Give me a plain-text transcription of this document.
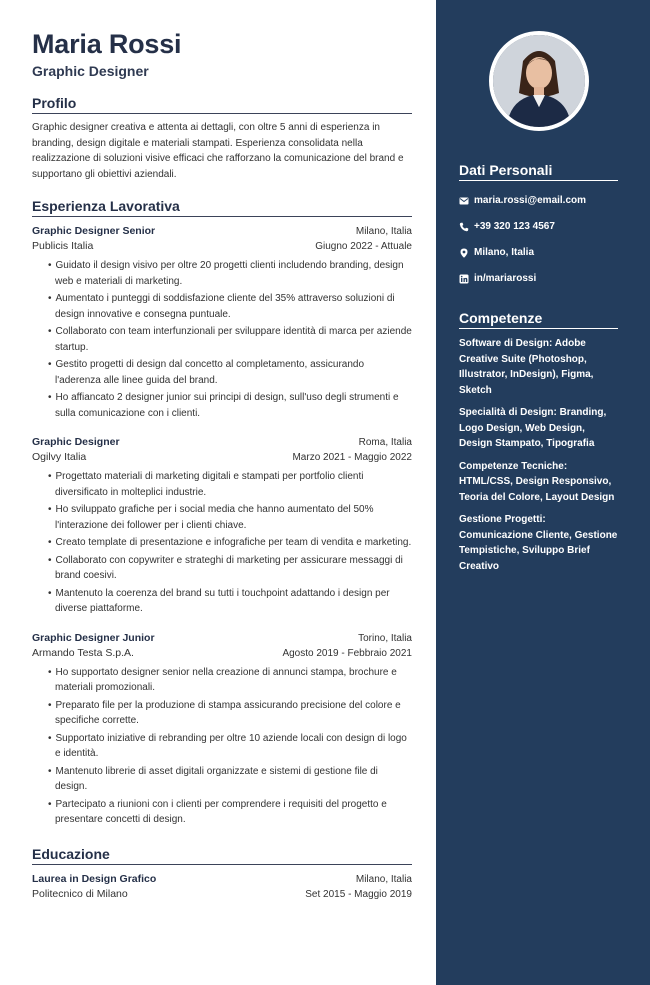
Maria Rossi
Graphic Designer
Profilo
Graphic designer creativa e attenta ai dettagli, con oltre 5 anni di esperienza in branding, design digitale e materiali stampati. Esperienza consolidata nella realizzazione di soluzioni visive efficaci che rafforzano la comunicazione del brand e supportano gli obiettivi aziendali.
Esperienza Lavorativa
Graphic Designer Senior	Milano, Italia
Publicis Italia	Giugno 2022 - Attuale
• Guidato il design visivo per oltre 20 progetti clienti includendo branding, design web e materiali di marketing.
• Aumentato i punteggi di soddisfazione cliente del 35% attraverso soluzioni di design innovative e consegna puntuale.
• Collaborato con team interfunzionali per sviluppare identità di marca per aziende startup.
• Gestito progetti di design dal concetto al completamento, assicurando l'aderenza alle linee guida del brand.
• Ho affiancato 2 designer junior sui principi di design, sull'uso degli strumenti e sulla comunicazione con i clienti.
Graphic Designer	Roma, Italia
Ogilvy Italia	Marzo 2021 - Maggio 2022
• Progettato materiali di marketing digitali e stampati per portfolio clienti diversificato in molteplici industrie.
• Ho sviluppato grafiche per i social media che hanno aumentato del 50% l'interazione dei follower per i clienti chiave.
• Creato template di presentazione e infografiche per team di vendita e marketing.
• Collaborato con copywriter e strateghi di marketing per assicurare messaggi di brand coesivi.
• Mantenuto la coerenza del brand su tutti i touchpoint adattando i design per diverse piattaforme.
Graphic Designer Junior	Torino, Italia
Armando Testa S.p.A.	Agosto 2019 - Febbraio 2021
• Ho supportato designer senior nella creazione di annunci stampa, brochure e materiali promozionali.
• Preparato file per la produzione di stampa assicurando precisione del colore e specifiche corrette.
• Supportato iniziative di rebranding per oltre 10 aziende locali con design di logo e identità.
• Mantenuto librerie di asset digitali organizzate e sistemi di gestione file di design.
• Partecipato a riunioni con i clienti per comprendere i requisiti del progetto e presentare concetti di design.
Educazione
Laurea in Design Grafico	Milano, Italia
Politecnico di Milano	Set 2015 - Maggio 2019
Dati Personali
maria.rossi@email.com
+39 320 123 4567
Milano, Italia
in/mariarossi
Competenze
Software di Design: Adobe Creative Suite (Photoshop, Illustrator, InDesign), Figma, Sketch
Specialità di Design: Branding, Logo Design, Web Design, Design Stampato, Tipografia
Competenze Tecniche: HTML/CSS, Design Responsivo, Teoria del Colore, Layout Design
Gestione Progetti: Comunicazione Cliente, Gestione Tempistiche, Sviluppo Brief Creativo
